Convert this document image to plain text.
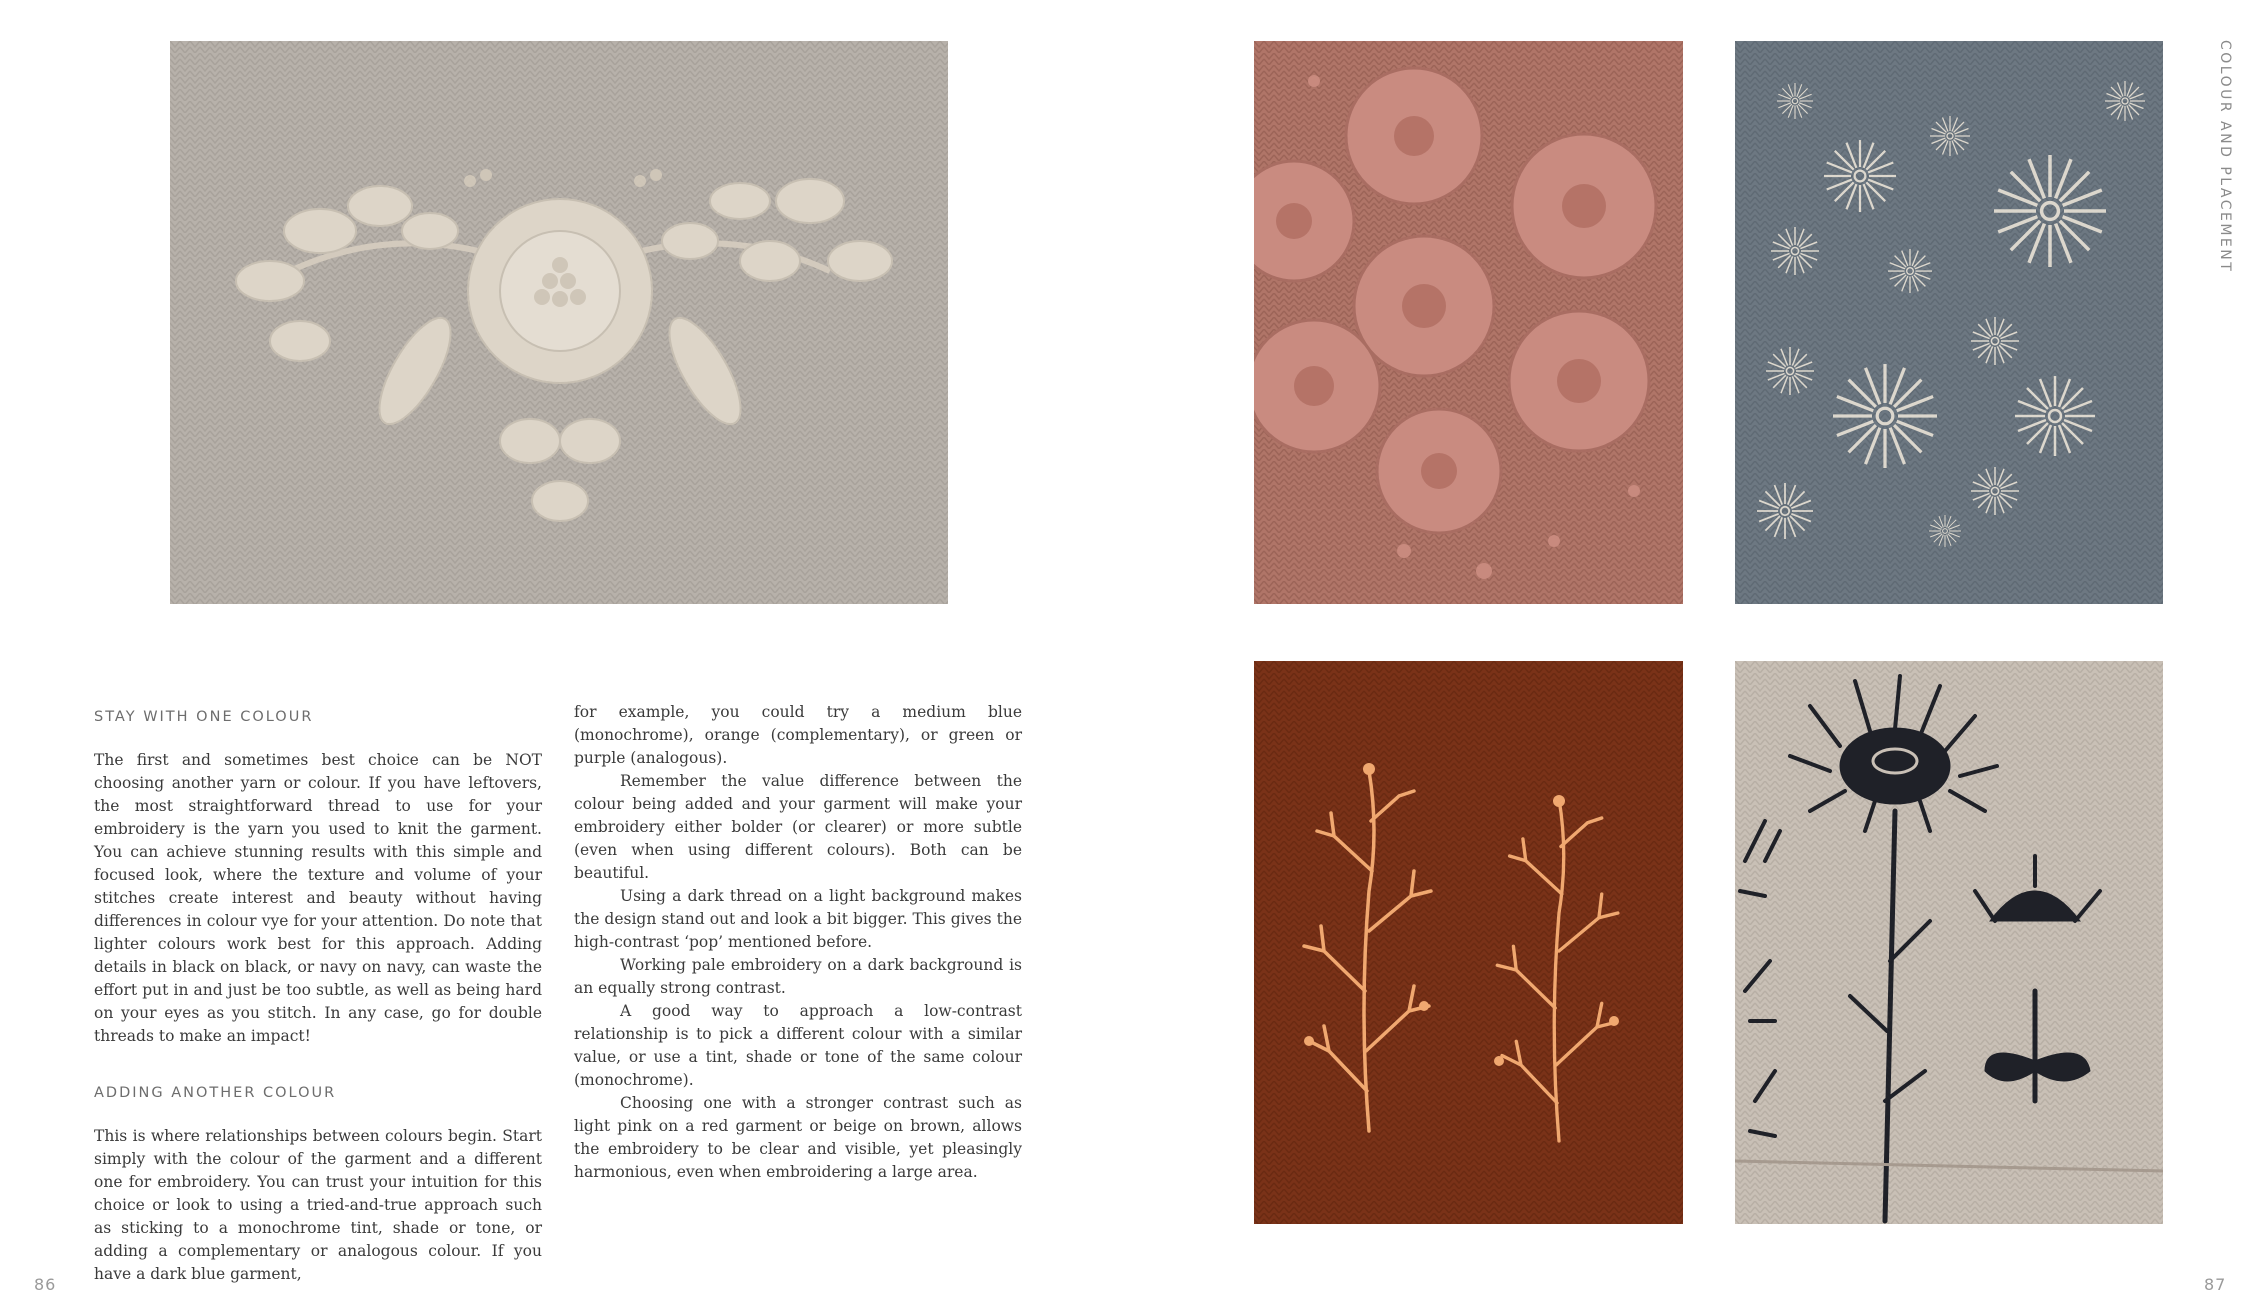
STAY WITH ONE COLOUR

The first and sometimes best choice can be NOT choosing another yarn or colour. If you have leftovers, the most straightforward thread to use for your embroidery is the yarn you used to knit the garment. You can achieve stunning results with this simple and focused look, where the texture and volume of your stitches create interest and beauty without having differences in colour vye for your attention. Do note that lighter colours work best for this approach. Adding details in black on black, or navy on navy, can waste the effort put in and just be too subtle, as well as being hard on your eyes as you stitch. In any case, go for double threads to make an impact!

ADDING ANOTHER COLOUR

This is where relationships between colours begin. Start simply with the colour of the garment and a different one for embroidery. You can trust your intuition for this choice or look to using a tried-and-true approach such as sticking to a monochrome tint, shade or tone, or adding a complementary or analogous colour. If you have a dark blue garment,

for example, you could try a medium blue (monochrome), orange (complementary), or green or purple (analogous).

Remember the value difference between the colour being added and your garment will make your embroidery either bolder (or clearer) or more subtle (even when using different colours). Both can be beautiful.

Using a dark thread on a light background makes the design stand out and look a bit bigger. This gives the high-contrast ‘pop’ mentioned before.

Working pale embroidery on a dark background is an equally strong contrast.

A good way to approach a low-contrast relationship is to pick a different colour with a similar value, or use a tint, shade or tone of the same colour (monochrome).

Choosing one with a stronger contrast such as light pink on a red garment or beige on brown, allows the embroidery to be clear and visible, yet pleasingly harmonious, even when embroidering a large area.

COLOUR AND PLACEMENT
86	87
